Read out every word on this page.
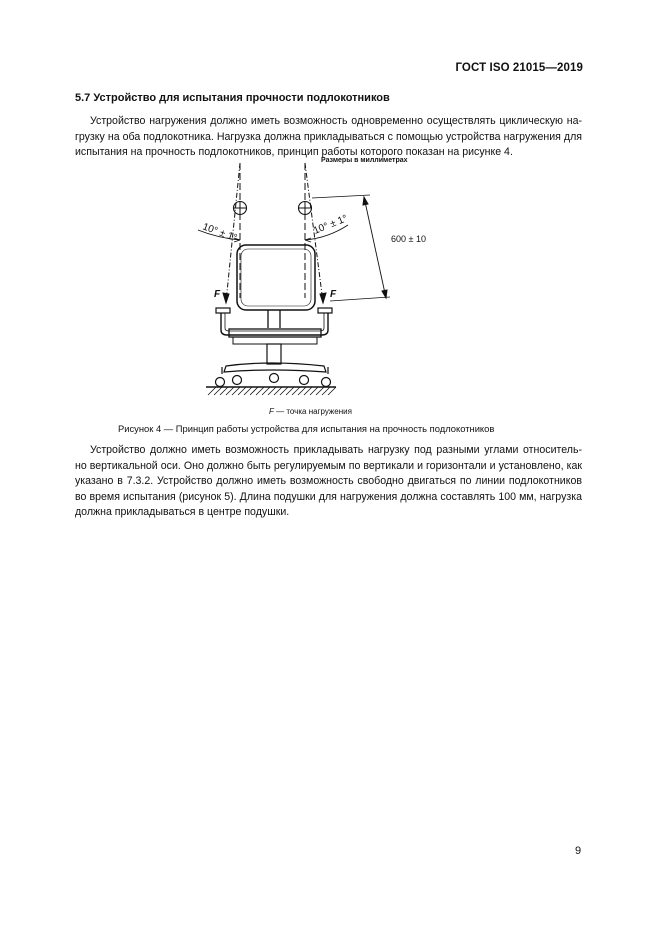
ГОСТ ISO 21015—2019
5.7 Устройство для испытания прочности подлокотников
Устройство нагружения должно иметь возможность одновременно осуществлять циклическую на-
грузку на оба подлокотника. Нагрузка должна прикладываться с помощью устройства нагружения для
испытания на прочность подлокотников, принцип работы которого показан на рисунке 4.
Размеры в миллиметрах
10° ± 1°	10° ± 1°
600 ± 10
F	F
F — точка нагружения
Рисунок 4 — Принцип работы устройства для испытания на прочность подлокотников
Устройство должно иметь возможность прикладывать нагрузку под разными углами относитель-
но вертикальной оси. Оно должно быть регулируемым по вертикали и горизонтали и установлено, как
указано в 7.3.2. Устройство должно иметь возможность свободно двигаться по линии подлокотников
во время испытания (рисунок 5). Длина подушки для нагружения должна составлять 100 мм, нагрузка
должна прикладываться в центре подушки.
9
